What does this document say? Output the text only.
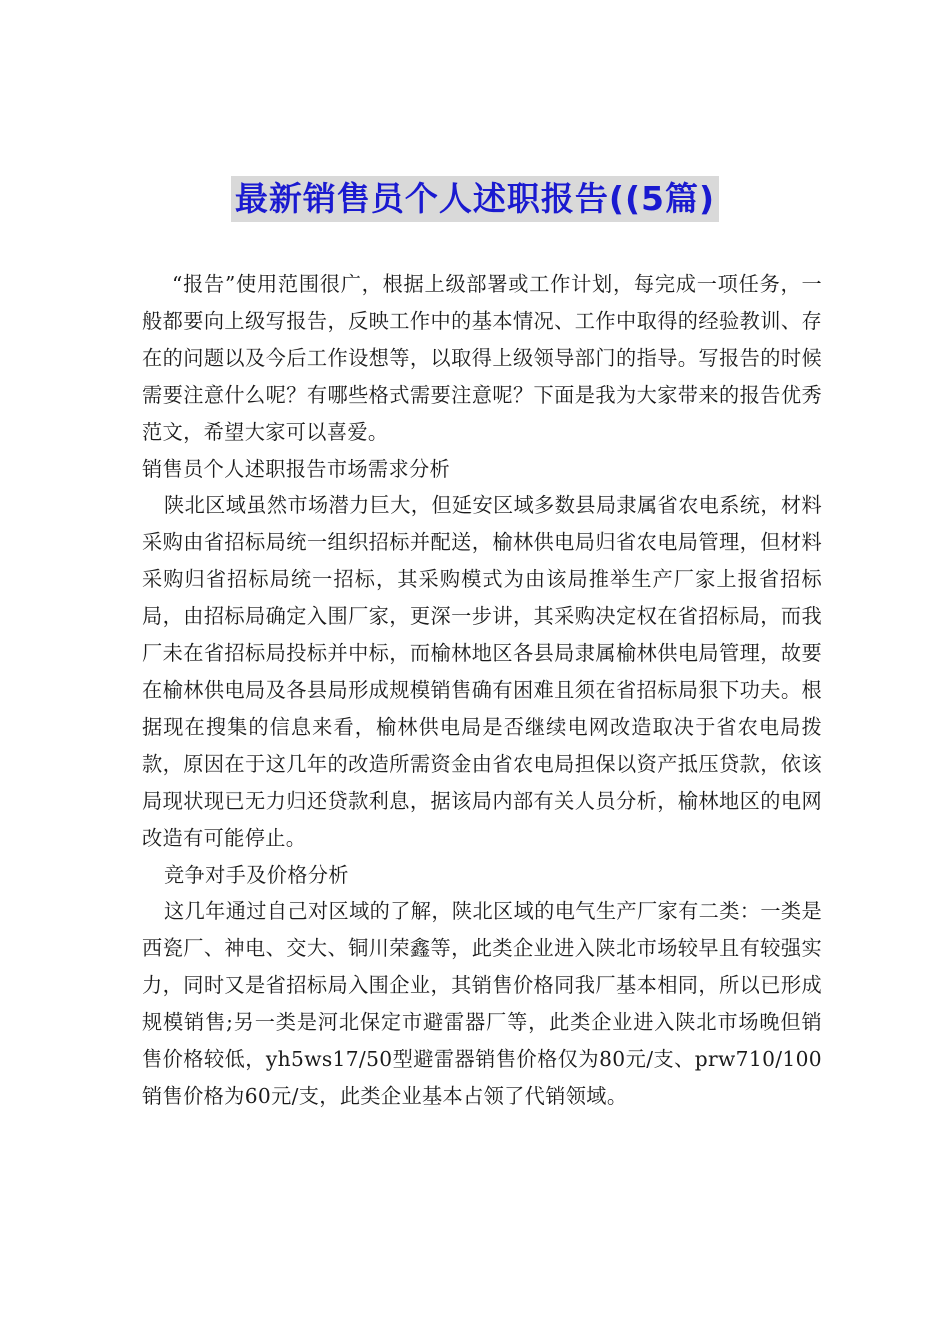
最新销售员个人述职报告((5篇)

“报告”使用范围很广，根据上级部署或工作计划，每完成一项任务，一般都要向上级写报告，反映工作中的基本情况、工作中取得的经验教训、存在的问题以及今后工作设想等，以取得上级领导部门的指导。写报告的时候需要注意什么呢？有哪些格式需要注意呢？下面是我为大家带来的报告优秀范文，希望大家可以喜爱。

销售员个人述职报告市场需求分析

陕北区域虽然市场潜力巨大，但延安区域多数县局隶属省农电系统，材料采购由省招标局统一组织招标并配送，榆林供电局归省农电局管理，但材料采购归省招标局统一招标，其采购模式为由该局推举生产厂家上报省招标局，由招标局确定入围厂家，更深一步讲，其采购决定权在省招标局，而我厂未在省招标局投标并中标，而榆林地区各县局隶属榆林供电局管理，故要在榆林供电局及各县局形成规模销售确有困难且须在省招标局狠下功夫。根据现在搜集的信息来看，榆林供电局是否继续电网改造取决于省农电局拨款，原因在于这几年的改造所需资金由省农电局担保以资产抵压贷款，依该局现状现已无力归还贷款利息，据该局内部有关人员分析，榆林地区的电网改造有可能停止。

竞争对手及价格分析

这几年通过自己对区域的了解，陕北区域的电气生产厂家有二类：一类是西瓷厂、神电、交大、铜川荣鑫等，此类企业进入陕北市场较早且有较强实力，同时又是省招标局入围企业，其销售价格同我厂基本相同，所以已形成规模销售;另一类是河北保定市避雷器厂等，此类企业进入陕北市场晚但销售价格较低，yh5ws17/50型避雷器销售价格仅为80元/支、prw710/100销售价格为60元/支，此类企业基本占领了代销领域。
